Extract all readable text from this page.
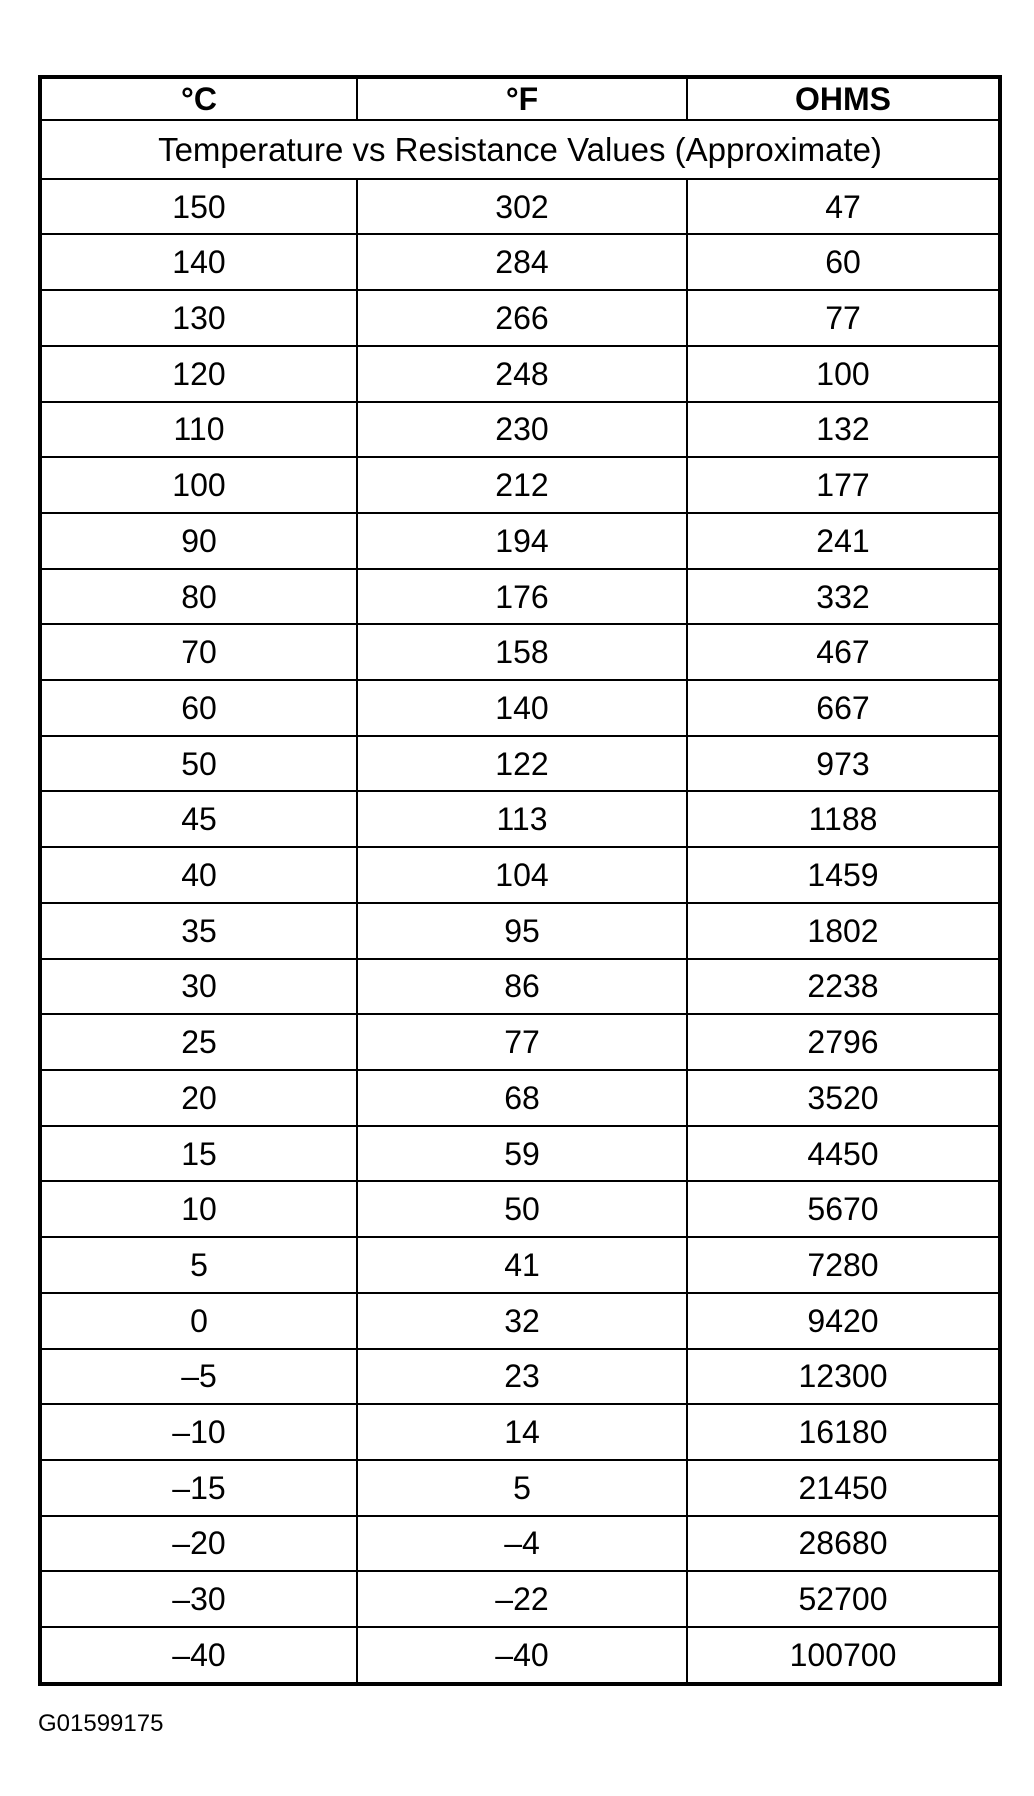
°C	°F	OHMS
Temperature vs Resistance Values (Approximate)		
150	302	47
140	284	60
130	266	77
120	248	100
110	230	132
100	212	177
90	194	241
80	176	332
70	158	467
60	140	667
50	122	973
45	113	1188
40	104	1459
35	95	1802
30	86	2238
25	77	2796
20	68	3520
15	59	4450
10	50	5670
5	41	7280
0	32	9420
–5	23	12300
–10	14	16180
–15	5	21450
–20	–4	28680
–30	–22	52700
–40	–40	100700
G01599175
